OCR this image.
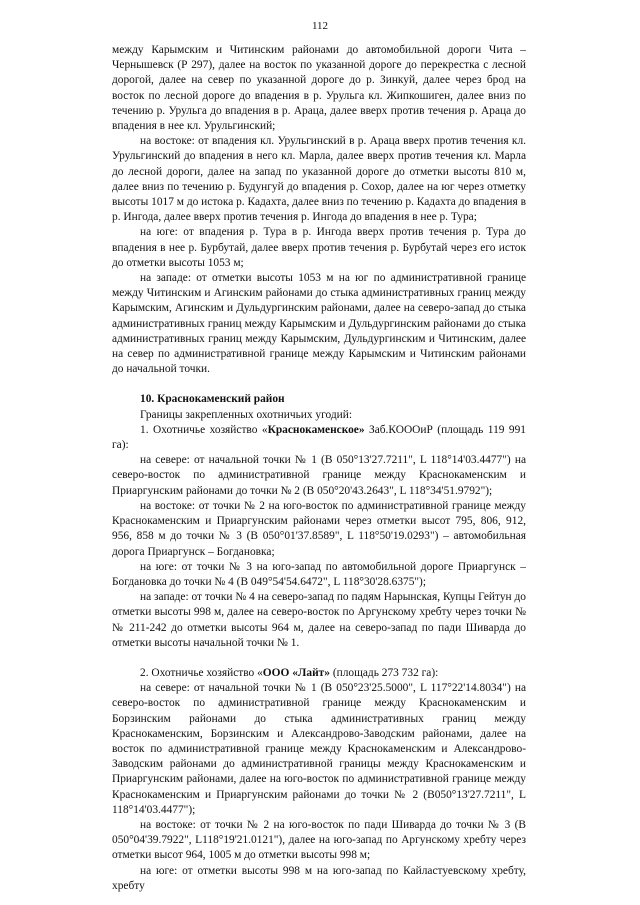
112

между Карымским и Читинским районами до автомобильной дороги Чита – Чернышевск (Р 297), далее на восток по указанной дороге до перекрестка с лесной дорогой, далее на север по указанной дороге до р. Зинкуй, далее через брод на восток по лесной дороге до впадения в р. Урульга кл. Жипкошиген, далее вниз по течению р. Урульга до впадения в р. Араца, далее вверх против течения р. Араца до впадения в нее кл. Урульгинский;

на востоке: от впадения кл. Урульгинский в р. Араца вверх против течения кл. Урульгинский до впадения в него кл. Марла, далее вверх против течения кл. Марла до лесной дороги, далее на запад по указанной дороге до отметки высоты 810 м, далее вниз по течению р. Будунгуй до впадения р. Сохор, далее на юг через отметку высоты 1017 м до истока р. Кадахта, далее вниз по течению р. Кадахта до впадения в р. Ингода, далее вверх против течения р. Ингода до впадения в нее р. Тура;

на юге: от впадения р. Тура в р. Ингода вверх против течения р. Тура до впадения в нее р. Бурбутай, далее вверх против течения р. Бурбутай через его исток до отметки высоты 1053 м;

на западе: от отметки высоты 1053 м на юг по административной границе между Читинским и Агинским районами до стыка административных границ между Карымским, Агинским и Дульдургинским районами, далее на северо-запад до стыка административных границ между Карымским и Дульдургинским районами до стыка административных границ между Карымским, Дульдургинским и Читинским, далее на север по административной границе между Карымским и Читинским районами до начальной точки.

10. Краснокаменский район

Границы закрепленных охотничьих угодий:

1. Охотничье хозяйство «Краснокаменское» Заб.КОООиР (площадь 119 991 га):

на севере: от начальной точки № 1 (B 050°13'27.7211", L 118°14'03.4477") на северо-восток по административной границе между Краснокаменским и Приаргунским районами до точки № 2 (B 050°20'43.2643", L 118°34'51.9792");

на востоке: от точки № 2 на юго-восток по административной границе между Краснокаменским и Приаргунским районами через отметки высот 795, 806, 912, 956, 858 м до точки № 3 (B 050°01'37.8589", L 118°50'19.0293") – автомобильная дорога Приаргунск – Богдановка;

на юге: от точки № 3 на юго-запад по автомобильной дороге Приаргунск – Богдановка до точки № 4 (B 049°54'54.6472", L 118°30'28.6375");

на западе: от точки № 4 на северо-запад по падям Нарынская, Купцы Гейтун до отметки высоты 998 м, далее на северо-восток по Аргунскому хребту через точки №№ 211-242 до отметки высоты 964 м, далее на северо-запад по пади Шиварда до отметки высоты начальной точки № 1.

2. Охотничье хозяйство «ООО «Лайт» (площадь 273 732 га):

на севере: от начальной точки № 1 (B 050°23'25.5000", L 117°22'14.8034") на северо-восток по административной границе между Краснокаменским и Борзинским районами до стыка административных границ между Краснокаменским, Борзинским и Александрово-Заводским районами, далее на восток по административной границе между Краснокаменским и Александрово-Заводским районами до административной границы между Краснокаменским и Приаргунским районами, далее на юго-восток по административной границе между Краснокаменским и Приаргунским районами до точки № 2 (B050°13'27.7211", L 118°14'03.4477");

на востоке: от точки № 2 на юго-восток по пади Шиварда до точки № 3 (B 050°04'39.7922", L118°19'21.0121"), далее на юго-запад по Аргунскому хребту через отметки высот 964, 1005 м до отметки высоты 998 м;

на юге: от отметки высоты 998 м на юго-запад по Кайластуевскому хребту, хребту
